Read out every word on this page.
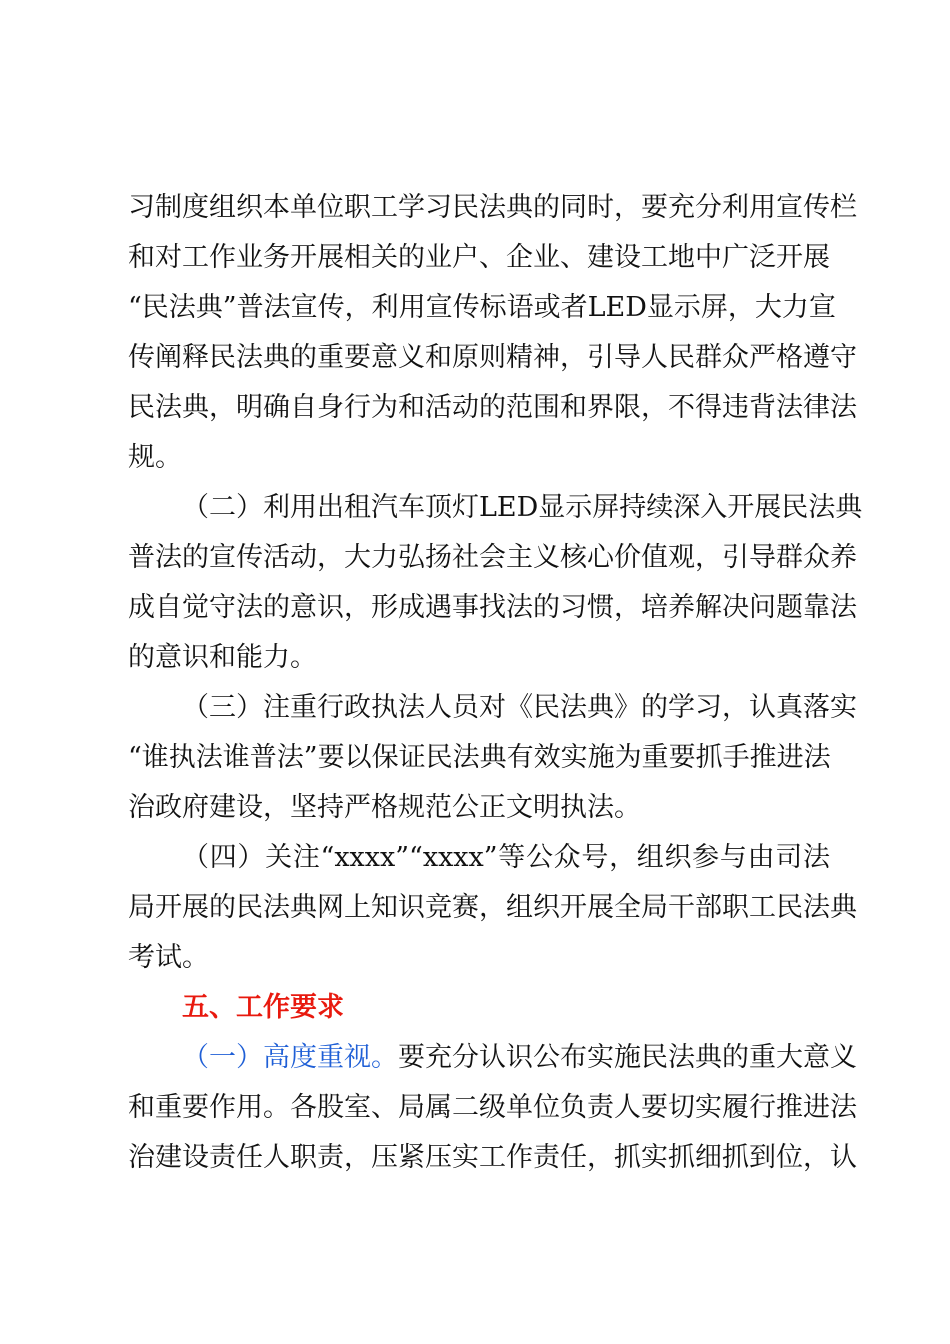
习制度组织本单位职工学习民法典的同时，要充分利用宣传栏
和对工作业务开展相关的业户、企业、建设工地中广泛开展
“民法典”普法宣传，利用宣传标语或者LED显示屏，大力宣
传阐释民法典的重要意义和原则精神，引导人民群众严格遵守
民法典，明确自身行为和活动的范围和界限，不得违背法律法
规。
（二）利用出租汽车顶灯LED显示屏持续深入开展民法典
普法的宣传活动，大力弘扬社会主义核心价值观，引导群众养
成自觉守法的意识，形成遇事找法的习惯，培养解决问题靠法
的意识和能力。
（三）注重行政执法人员对《民法典》的学习，认真落实
“谁执法谁普法”要以保证民法典有效实施为重要抓手推进法
治政府建设，坚持严格规范公正文明执法。
（四）关注“xxxx”“xxxx”等公众号，组织参与由司法
局开展的民法典网上知识竞赛，组织开展全局干部职工民法典
考试。
五、工作要求
（一）高度重视。要充分认识公布实施民法典的重大意义
和重要作用。各股室、局属二级单位负责人要切实履行推进法
治建设责任人职责，压紧压实工作责任，抓实抓细抓到位，认
